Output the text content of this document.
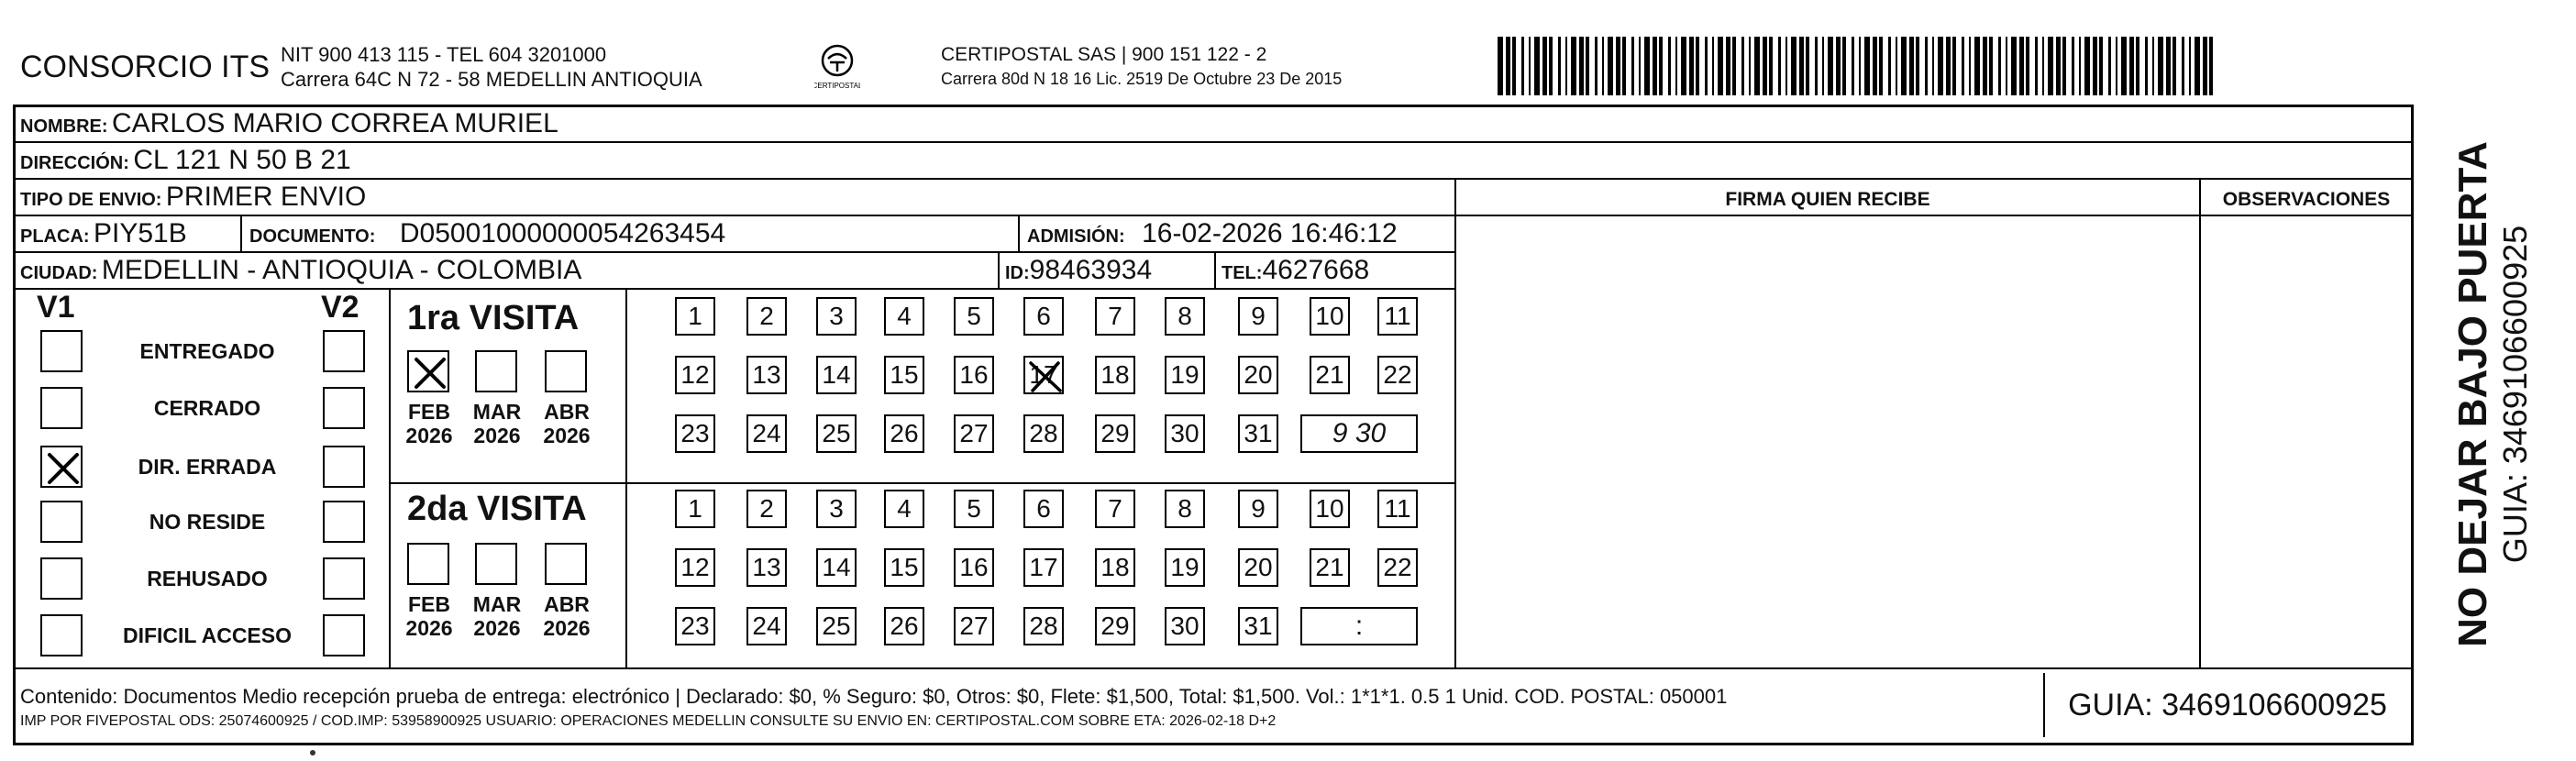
CONSORCIO ITS NIT 900 413 115 - TEL 604 3201000
Carrera 64C N 72 - 58 MEDELLIN ANTIOQUIA	CERTIPOSTAL
CERTIPOSTAL SAS | 900 151 122 - 2
Carrera 80d N 18 16 Lic. 2519 De Octubre 23 De 2015
NOMBRE: CARLOS MARIO CORREA MURIEL
DIRECCIÓN: CL 121 N 50 B 21
TIPO DE ENVIO: PRIMER ENVIO	FIRMA QUIEN RECIBE	OBSERVACIONES
PLACA: PIY51B	DOCUMENTO: D05001000000054263454	ADMISIÓN: 16-02-2026 16:46:12
CIUDAD: MEDELLIN - ANTIOQUIA - COLOMBIA	ID:98463934	TEL:4627668
V1	V2 1ra VISITA
2da VISITA
Contenido: Documentos Medio recepción prueba de entrega: electrónico | Declarado: $0, % Seguro: $0, Otros: $0, Flete: $1,500, Total: $1,500. Vol.: 1*1*1. 0.5 1 Unid. COD. POSTAL: 050001
IMP POR FIVEPOSTAL ODS: 25074600925 / COD.IMP: 53958900925 USUARIO: OPERACIONES MEDELLIN CONSULTE SU ENVIO EN: CERTIPOSTAL.COM SOBRE ETA: 2026-02-18 D+2	GUIA: 3469106600925
NO DEJAR BAJO PUERTA GUIA: 3469106600925
ENTREGADO
CERRADO
DIR. ERRADA
NO RESIDE
REHUSADO
DIFICIL ACCESO
FEB
2026
MAR
2026
ABR
2026
1	2	3	4	5	6	7	8	9	10 11
12 13 14 15 16 17 18 19 20 21 22
23 24 25 26 27 28 29 30 31	9 30
FEB
2026
MAR
2026
ABR
2026
1	2	3	4	5	6	7	8	9	10 11
12 13 14 15 16 17 18 19 20 21 22
23 24 25 26 27 28 29 30 31	:
